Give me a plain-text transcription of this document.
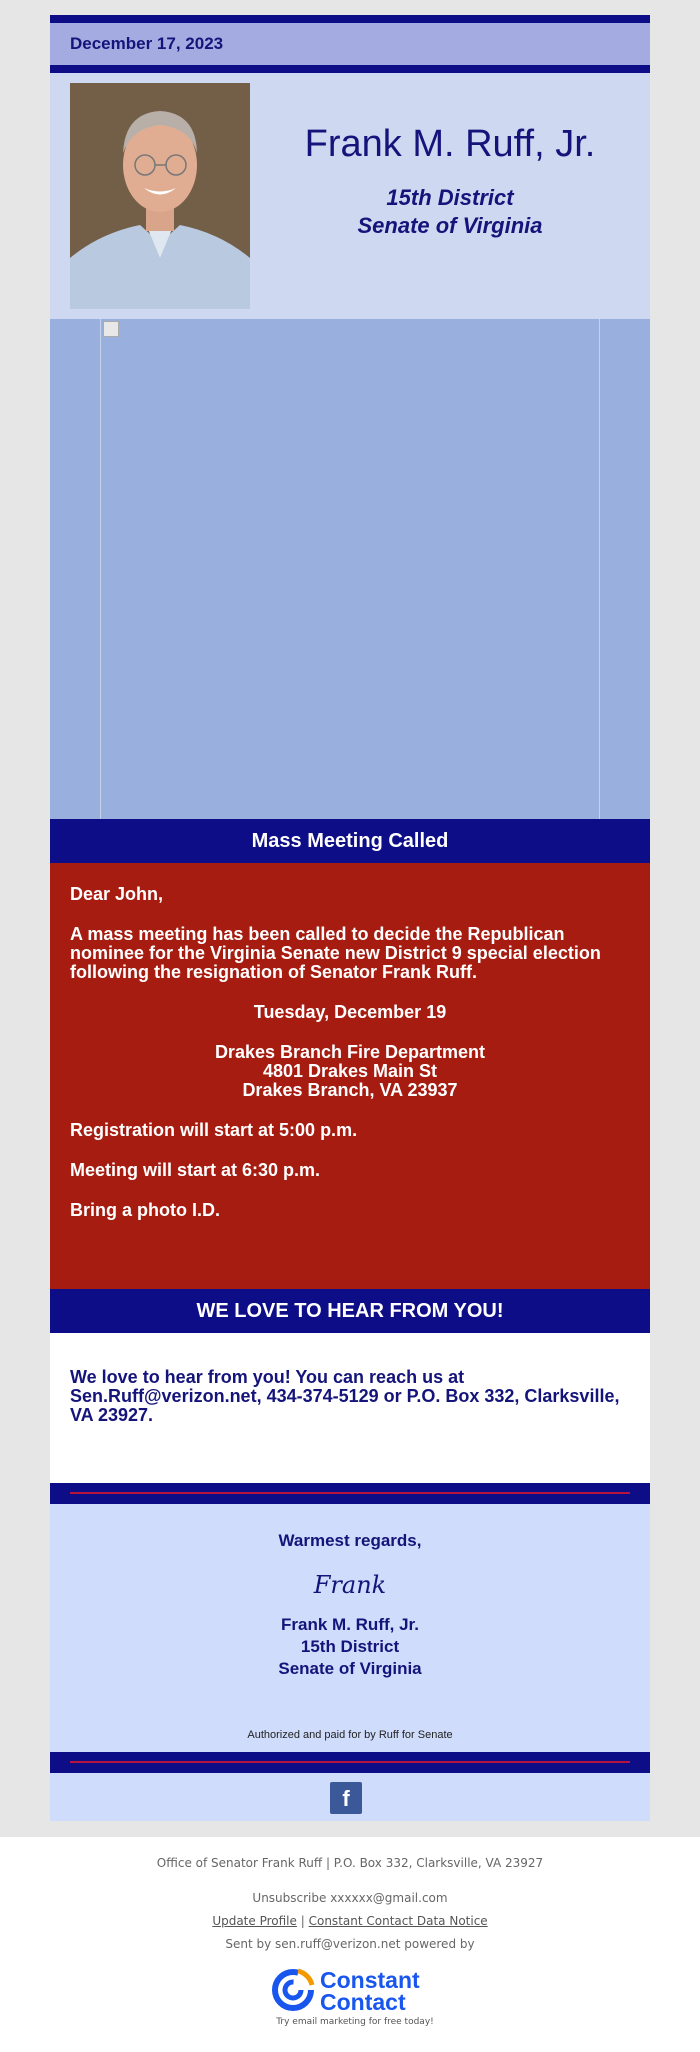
December 17, 2023
Frank M. Ruff, Jr.
15th District
Senate of Virginia
Mass Meeting Called

Dear John,

A mass meeting has been called to decide the Republican nominee for the Virginia Senate new District 9 special election following the resignation of Senator Frank Ruff.

Tuesday, December 19

Drakes Branch Fire Department
4801 Drakes Main St
Drakes Branch, VA 23937

Registration will start at 5:00 p.m.

Meeting will start at 6:30 p.m.

Bring a photo I.D.

WE LOVE TO HEAR FROM YOU!
We love to hear from you! You can reach us at Sen.Ruff@verizon.net, 434-374-5129 or P.O. Box 332, Clarksville, VA 23927.
Warmest regards,
Frank
Frank M. Ruff, Jr.
15th District
Senate of Virginia
Authorized and paid for by Ruff for Senate
f
Office of Senator Frank Ruff | P.O. Box 332, Clarksville, VA 23927
Unsubscribe xxxxxx@gmail.com
Update Profile | Constant Contact Data Notice
Sent by sen.ruff@verizon.net powered by
Constant
Contact
Try email marketing for free today!
